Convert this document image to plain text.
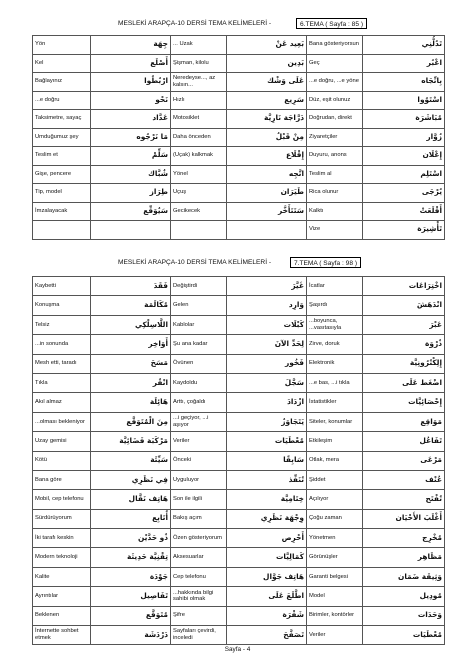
MESLEKİ ARAPÇA-10 DERSİ TEMA KELİMELERİ -	6.TEMA ( Sayfa : 85 )
Yön	جِهَة	... Uzak	بَعِيد عَنْ	Bana gösteriyorsun	تَدُلُّنِي
Kel	أَصْلَع	Şişman, kilolu	بَدِين	Geç	اعْبُر
Bağlayınız	ارْبُطُوا	Neredeyse..., az kalsın...	عَلَى وَشْك	...e doğru, ...e yöne	بِاتِّجَاه
...e doğru	نَحْو	Hızlı	سَرِيع	Düz, eşit olunuz	اسْتَوُوا
Taksimetre, sayaç	عَدَّاد	Motosiklet	دَرَّاجَة نَارِيَّة	Doğrudan, direkt	مُبَاشَرَة
Umduğumuz şey	مَا نَرْجُوه	Daha önceden	مِنْ قَبْلُ	Ziyaretçiler	زُوَّار
Teslim et	سَلِّمْ	(Uçak) kalkmak	إِقْلَاع	Duyuru, anons	إِعْلَان
Gişe, pencere	شُبَّاك	Yönel	اتَّجِه	Teslim al	اسْتَلِم
Tip, model	طِرَاز	Uçuş	طَيَرَان	Rica olunur	يُرْجَى
İmzalayacak	سَيُوَقِّع	Gecikecek	سَتَتَأَخَّر	Kalktı	أَقْلَعَتْ
				Vize	تَأْشِيرَة
MESLEKİ ARAPÇA-10 DERSİ TEMA KELİMELERİ -	7.TEMA ( Sayfa : 98 )
Kaybetti	فَقَدَ	Değiştirdi	غَيَّرَ	İcatlar	اخْتِرَاعَات
Konuşma	مُكَالَمَة	Gelen	وَارِد	Şaşırdı	انْدَهَشَ
Telsiz	اللَّاسِلْكِي	Kablolar	كَبْلَات	...boyunca, ...vasıtasıyla	عَبْرَ
...in sonunda	أَوَاخِر	Şu ana kadar	لِحَدِّ الآنَ	Zirve, doruk	ذُرْوَة
Mesh etti, taradı	مَسَحَ	Övünen	فَخُور	Elektronik	إِلِكْتُرُونِيَّة
Tıkla	انْقُر	Kaydoldu	سَجَّلَ	...e bas, ...i tıkla	اضْغَط عَلَى
Akıl almaz	هَائِلَة	Arttı, çoğaldı	ازْدَادَ	İstatistikler	إِحْصَائِيَّات
...olması bekleniyor	مِنَ الْمُتَوَقَّع	...i geçiyor, ...i aşıyor	يَتَجَاوَزُ	Siteler, konumlar	مَوَاقِع
Uzay gemisi	مَرْكَبَة فَضَائِيَّة	Veriler	مُعْطَيَات	Etkileşim	تَفَاعُل
Kötü	سَيِّئَة	Önceki	سَابِقًا	Otlak, mera	مَرْعَى
Bana göre	فِي نَظَرِي	Uyguluyor	تُنَفِّذ	Şiddet	عُنْف
Mobil, cep telefonu	هَاتِف نَقَّال	Son ile ilgili	خِتَامِيَّة	Açılıyor	تُفْتَح
Sürdürüyorum	أُتَابِع	Bakış açım	وِجْهَة نَظَرِي	Çoğu zaman	أَغْلَبَ الأَحْيَان
İki tarafı keskin	ذُو حَدَّيْن	Özen gösteriyorum	أَحْرِص	Yönetmen	مُخْرِج
Modern teknoloji	تِقْنِيَّة حَدِيثَة	Aksesuarlar	كَمَالِيَّات	Görünüşler	مَظَاهِر
Kalite	جَوْدَة	Cep telefonu	هَاتِف جَوَّال	Garanti belgesi	وَثِيقَة ضَمَان
Ayrıntılar	تَفَاصِيل	...hakkında bilgi sahibi olmak	اطَّلَعَ عَلَى	Model	مُودِيل
Beklenen	مُتَوَقَّع	Şifre	شَفْرَة	Birimler, kontörler	وَحَدَات
İnternette sohbet etmek	دَرْدَشَة	Sayfaları çevirdi, inceledi	تَصَفَّحَ	Veriler	مُعْطَيَات
Sayfa - 4
